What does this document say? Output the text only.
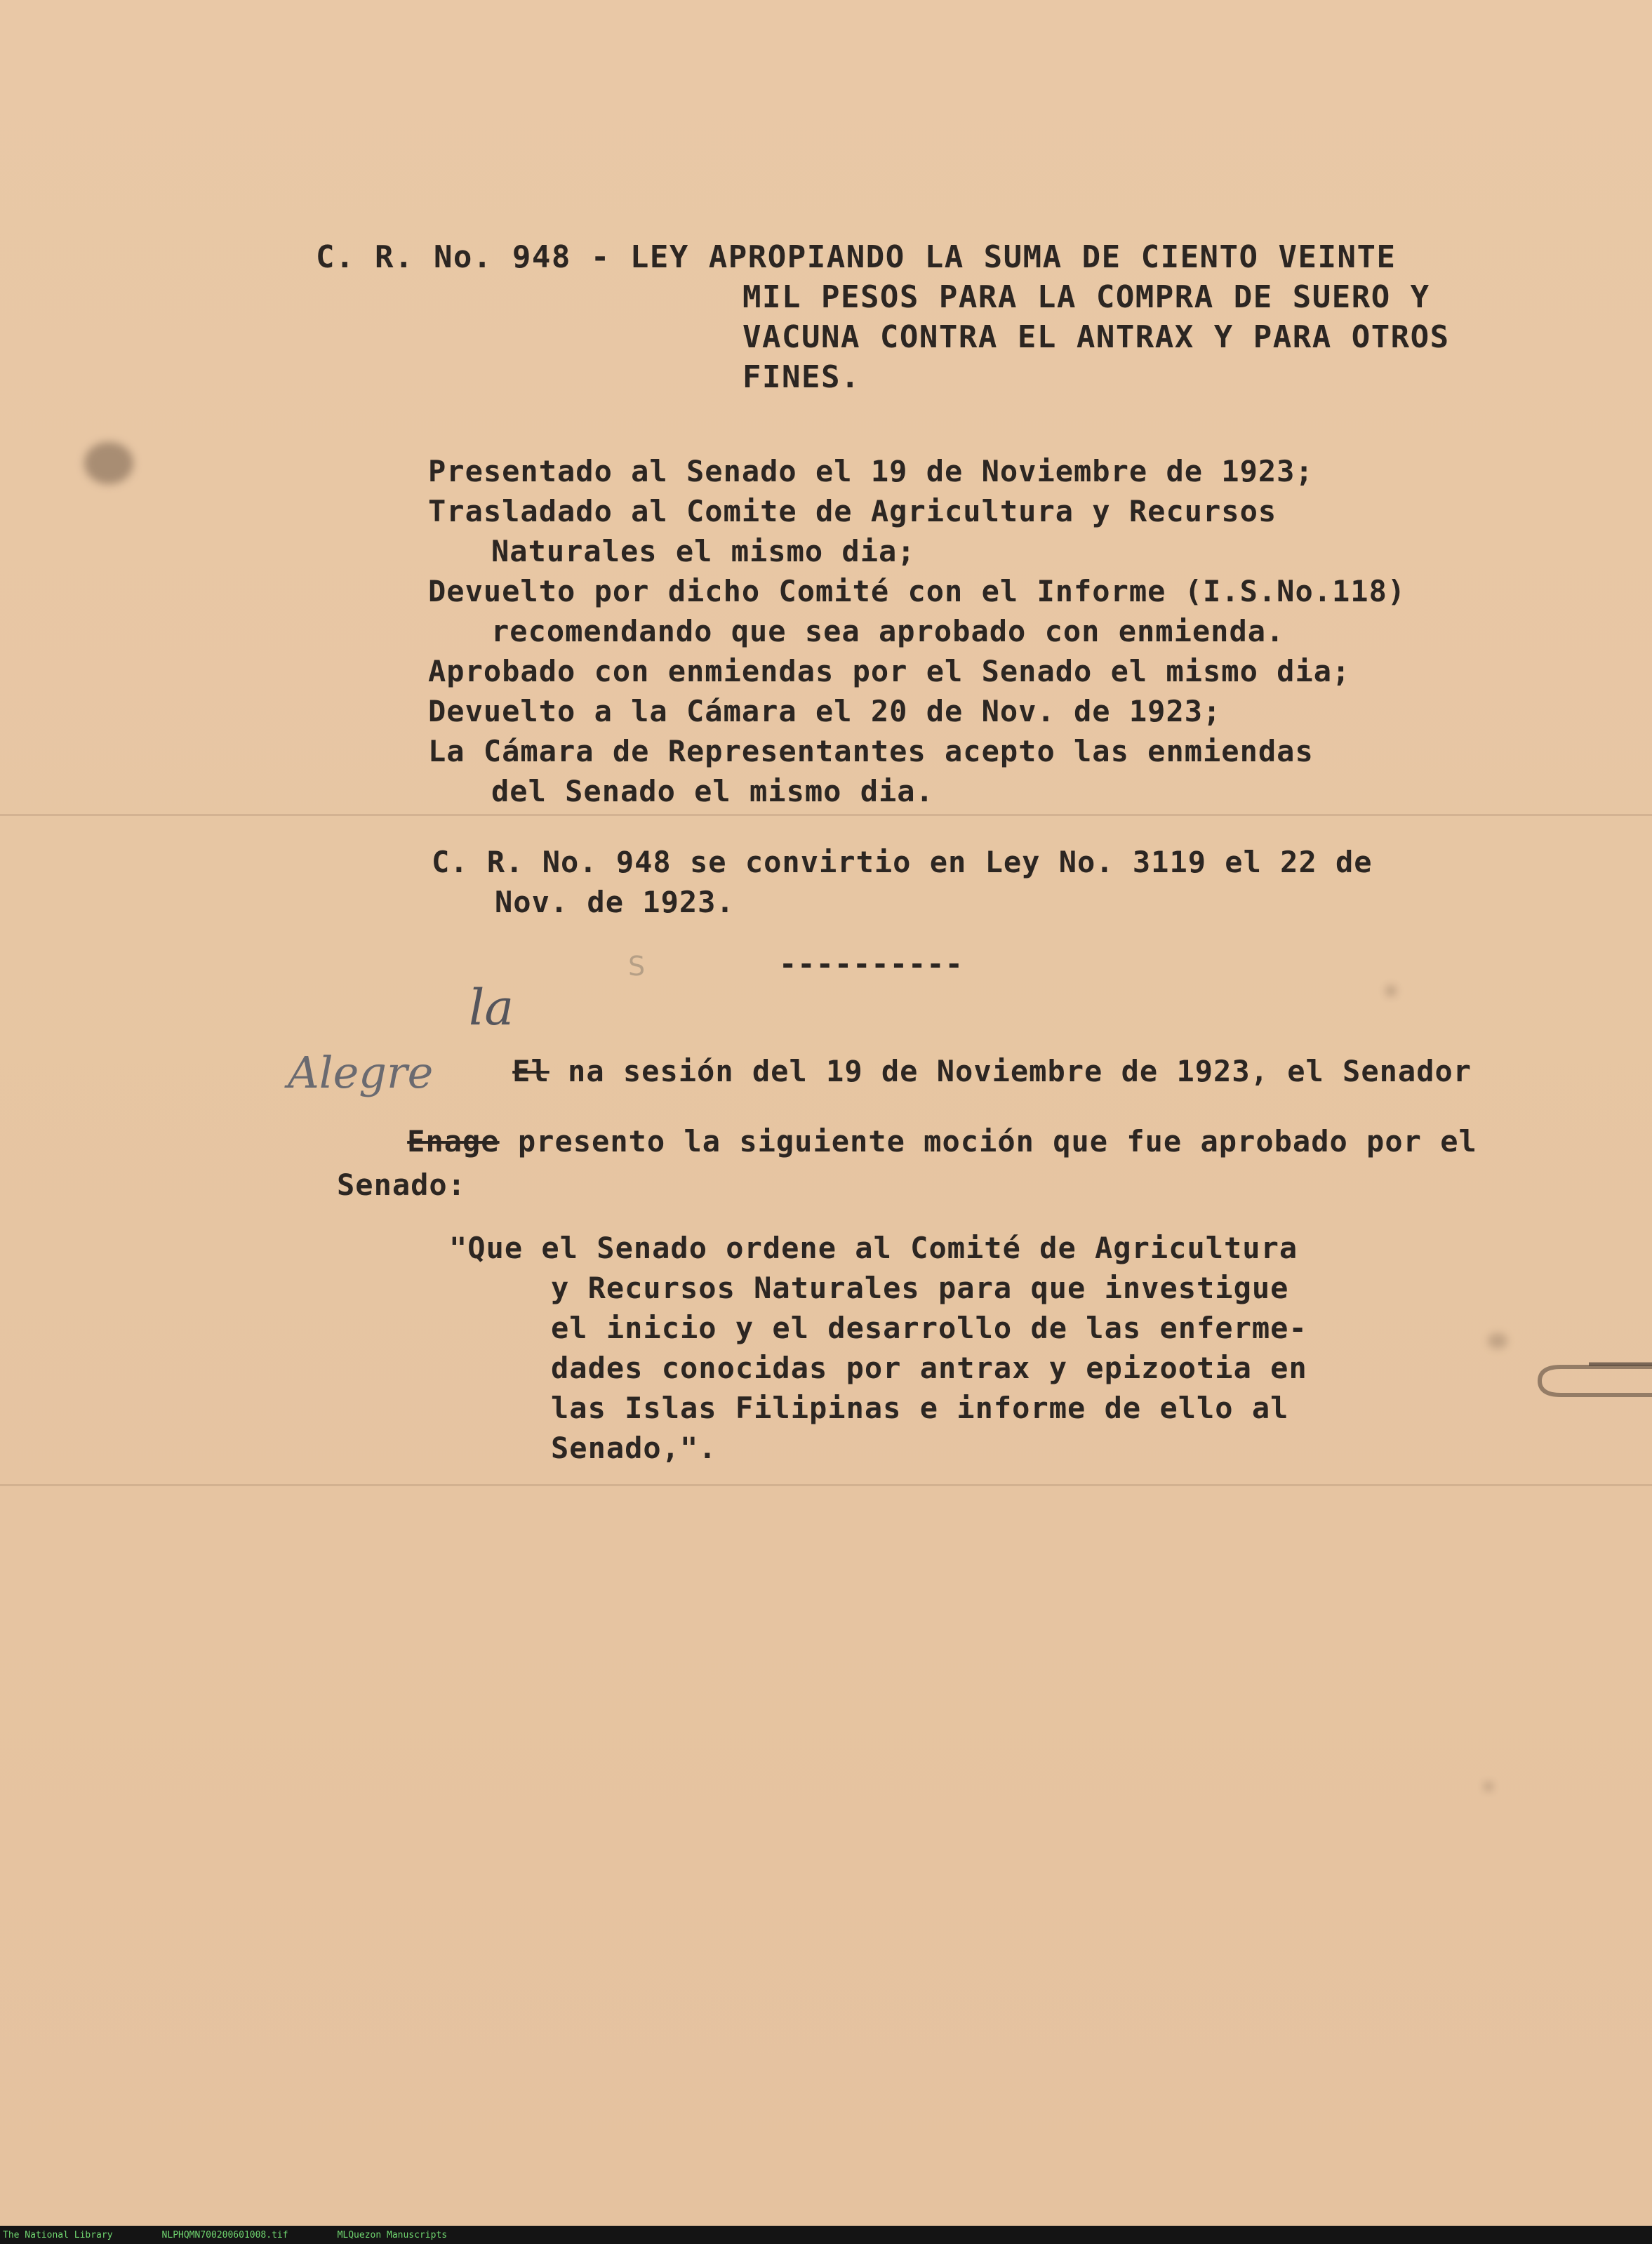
S
C. R. No. 948 - LEY APROPIANDO LA SUMA DE CIENTO VEINTE
MIL PESOS PARA LA COMPRA DE SUERO Y
VACUNA CONTRA EL ANTRAX Y PARA OTROS
FINES.
Presentado al Senado el 19 de Noviembre de 1923;
Trasladado al Comite de Agricultura y Recursos
Naturales el mismo dia;
Devuelto por dicho Comité con el Informe (I.S.No.118)
recomendando que sea aprobado con enmienda.
Aprobado con enmiendas por el Senado el mismo dia;
Devuelto a la Cámara el 20 de Nov. de 1923;
La Cámara de Representantes acepto las enmiendas
del Senado el mismo dia.
C. R. No. 948 se convirtio en Ley No. 3119 el 22 de
Nov. de 1923.
----------

El na sesión del 19 de Noviembre de 1923, el Senador

la

Enage presento la siguiente moción que fue aprobado por el

Alegre
Senado:
"Que el Senado ordene al Comité de Agricultura
y Recursos Naturales para que investigue
el inicio y el desarrollo de las enferme-
dades conocidas por antrax y epizootia en
las Islas Filipinas e informe de ello al
Senado,".
The National Library	NLPHQMN700200601008.tif	MLQuezon Manuscripts
